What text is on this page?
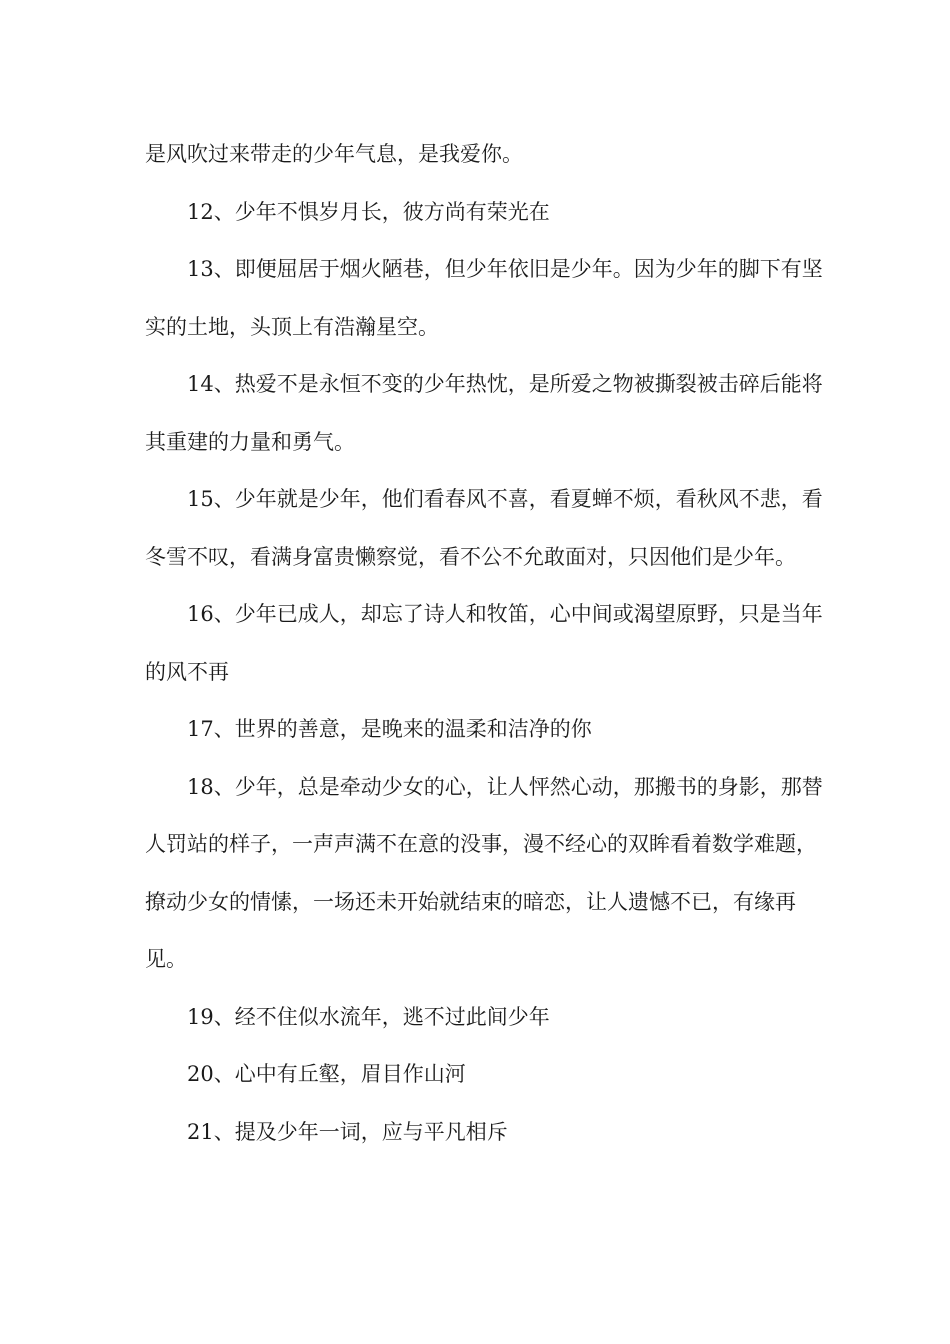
是风吹过来带走的少年气息，是我爱你。

12、少年不惧岁月长，彼方尚有荣光在

13、即便屈居于烟火陋巷，但少年依旧是少年。因为少年的脚下有坚实的土地，头顶上有浩瀚星空。

14、热爱不是永恒不变的少年热忱，是所爱之物被撕裂被击碎后能将其重建的力量和勇气。

15、少年就是少年，他们看春风不喜，看夏蝉不烦，看秋风不悲，看冬雪不叹，看满身富贵懒察觉，看不公不允敢面对，只因他们是少年。

16、少年已成人，却忘了诗人和牧笛，心中间或渴望原野，只是当年的风不再

17、世界的善意，是晚来的温柔和洁净的你

18、少年，总是牵动少女的心，让人怦然心动，那搬书的身影，那替人罚站的样子，一声声满不在意的没事，漫不经心的双眸看着数学难题，撩动少女的情愫，一场还未开始就结束的暗恋，让人遗憾不已，有缘再见。

19、经不住似水流年，逃不过此间少年

20、心中有丘壑，眉目作山河

21、提及少年一词，应与平凡相斥
